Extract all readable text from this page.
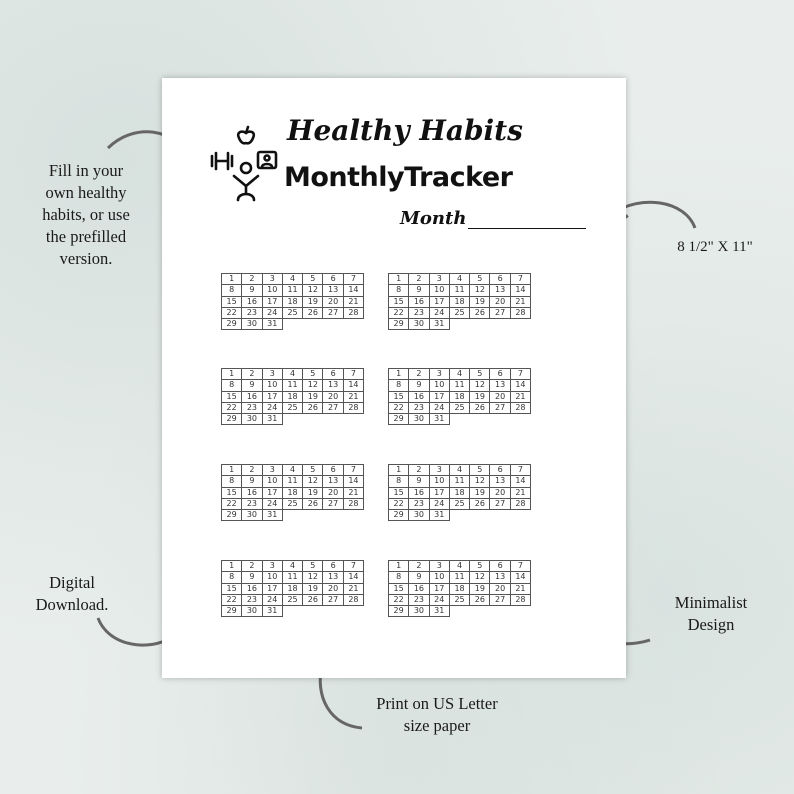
Fill in your
own healthy
habits, or use
the prefilled
version.
8 1/2" X 11"
Digital
Download.	Minimalist
Design
Print on US Letter
size paper
Healthy Habits
MonthlyTracker
Month
1	2	3	4	5	6	7
8	9	10	11	12	13	14
15	16	17	18	19	20	21
22	23	24	25	26	27	28
29	30	31				
1	2	3	4	5	6	7
8	9	10	11	12	13	14
15	16	17	18	19	20	21
22	23	24	25	26	27	28
29	30	31				
1	2	3	4	5	6	7
8	9	10	11	12	13	14
15	16	17	18	19	20	21
22	23	24	25	26	27	28
29	30	31				
1	2	3	4	5	6	7
8	9	10	11	12	13	14
15	16	17	18	19	20	21
22	23	24	25	26	27	28
29	30	31				
1	2	3	4	5	6	7
8	9	10	11	12	13	14
15	16	17	18	19	20	21
22	23	24	25	26	27	28
29	30	31				
1	2	3	4	5	6	7
8	9	10	11	12	13	14
15	16	17	18	19	20	21
22	23	24	25	26	27	28
29	30	31				
1	2	3	4	5	6	7
8	9	10	11	12	13	14
15	16	17	18	19	20	21
22	23	24	25	26	27	28
29	30	31				
1	2	3	4	5	6	7
8	9	10	11	12	13	14
15	16	17	18	19	20	21
22	23	24	25	26	27	28
29	30	31				
